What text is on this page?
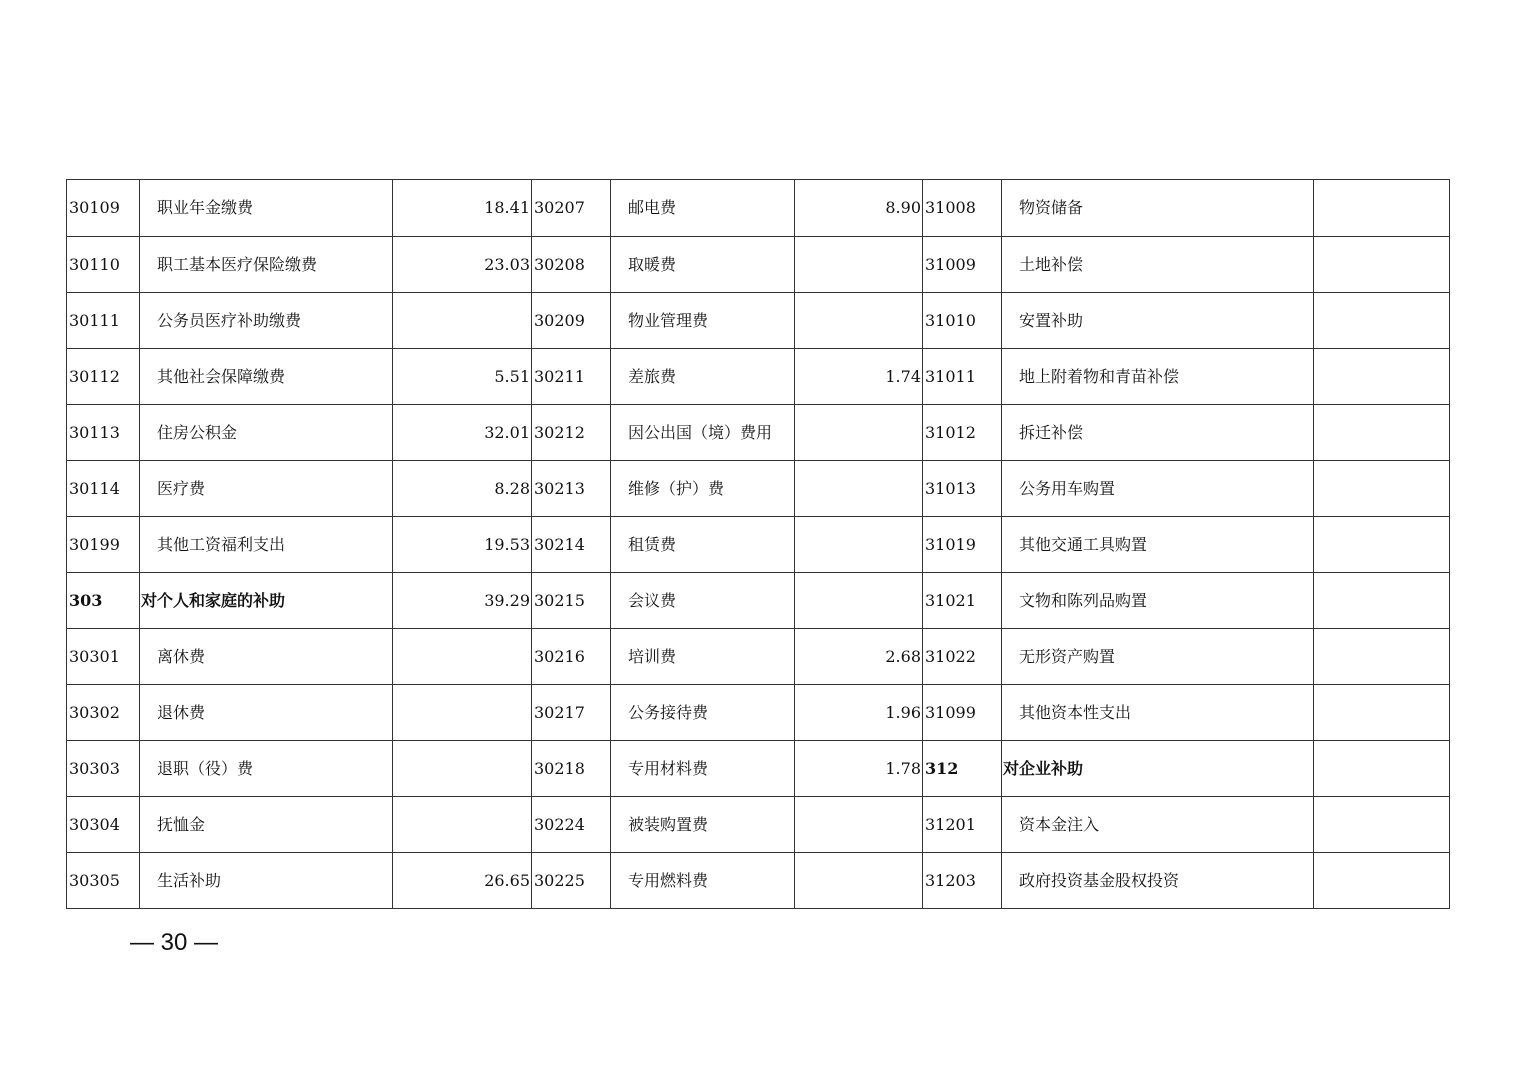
30109	职业年金缴费	18.41	30207	邮电费	8.90	31008	物资储备	
30110	职工基本医疗保险缴费	23.03	30208	取暖费		31009	土地补偿	
30111	公务员医疗补助缴费		30209	物业管理费		31010	安置补助	
30112	其他社会保障缴费	5.51	30211	差旅费	1.74	31011	地上附着物和青苗补偿	
30113	住房公积金	32.01	30212	因公出国（境）费用		31012	拆迁补偿	
30114	医疗费	8.28	30213	维修（护）费		31013	公务用车购置	
30199	其他工资福利支出	19.53	30214	租赁费		31019	其他交通工具购置	
303	对个人和家庭的补助	39.29	30215	会议费		31021	文物和陈列品购置	
30301	离休费		30216	培训费	2.68	31022	无形资产购置	
30302	退休费		30217	公务接待费	1.96	31099	其他资本性支出	
30303	退职（役）费		30218	专用材料费	1.78	312	对企业补助	
30304	抚恤金		30224	被装购置费		31201	资本金注入	
30305	生活补助	26.65	30225	专用燃料费		31203	政府投资基金股权投资	
— 30 —
